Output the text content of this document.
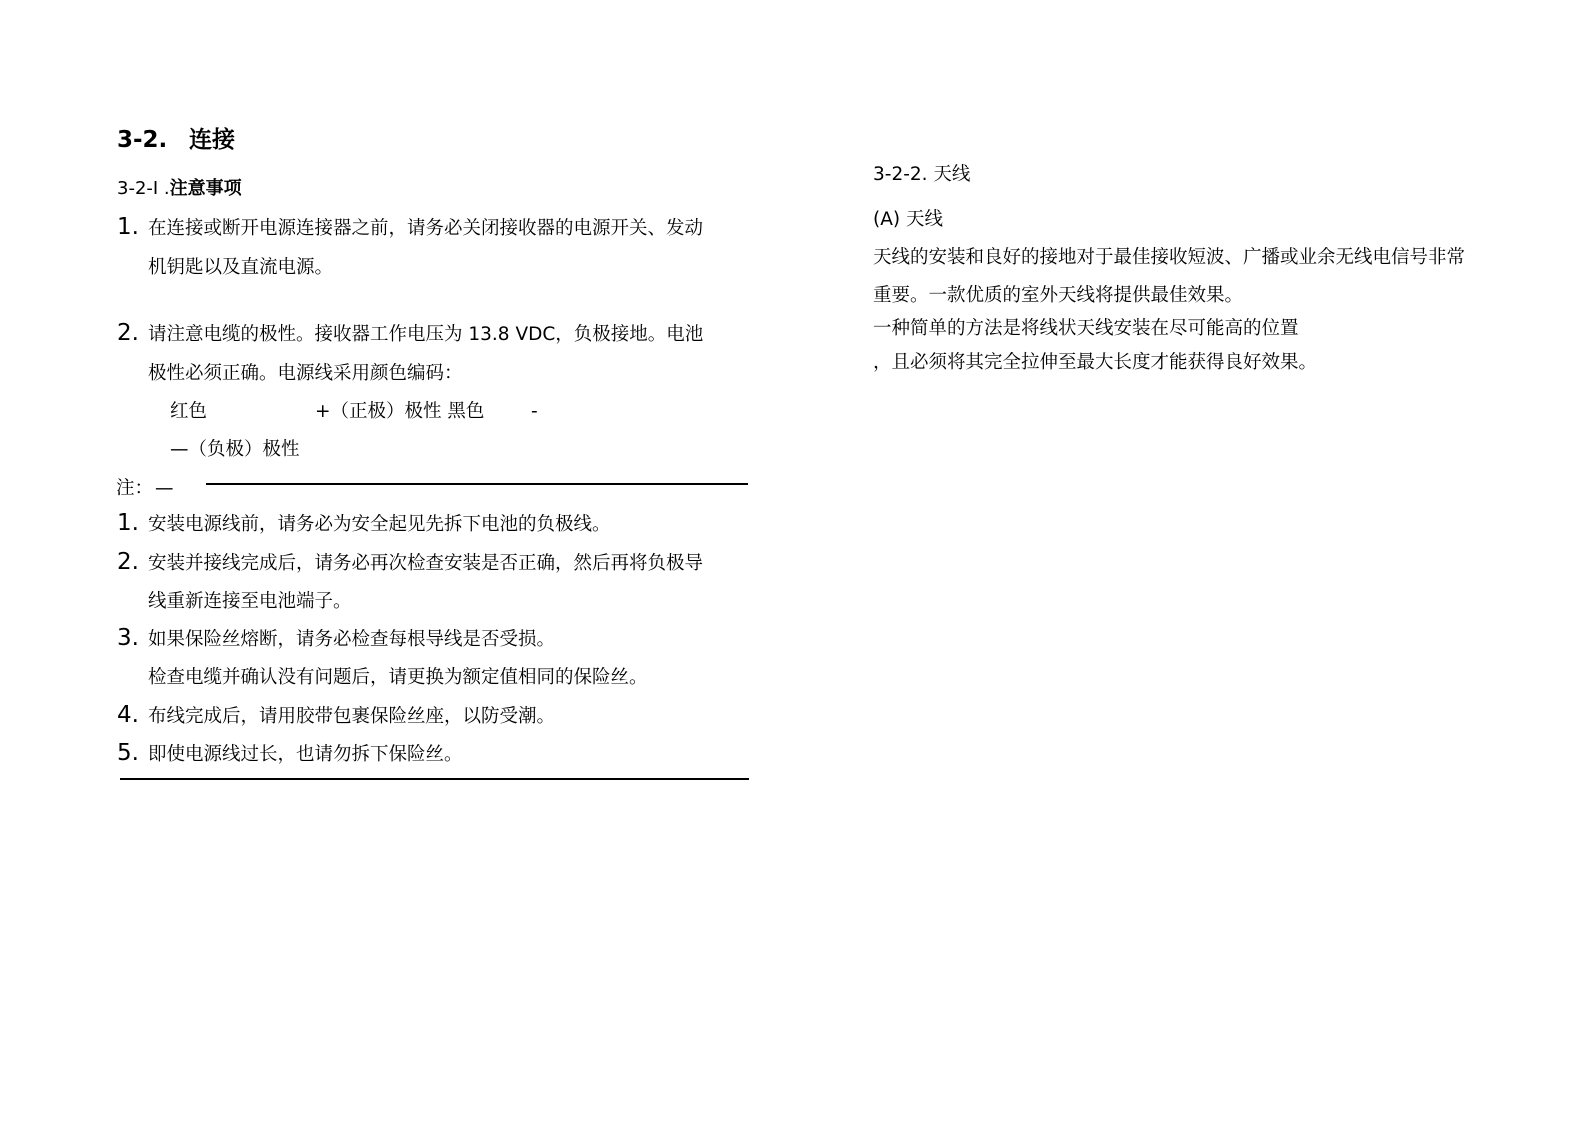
3-2. 连接
3-2-I .注意事项
1. 在连接或断开电源连接器之前，请务必关闭接收器的电源开关、发动
机钥匙以及直流电源。
2. 请注意电缆的极性。接收器工作电压为 13.8 VDC，负极接地。电池
极性必须正确。电源线采用颜色编码：
红色	+（正极）极性 黑色	-
—（负极）极性
注： —
1. 安装电源线前，请务必为安全起见先拆下电池的负极线。
2. 安装并接线完成后，请务必再次检查安装是否正确，然后再将负极导
线重新连接至电池端子。
3. 如果保险丝熔断，请务必检查每根导线是否受损。
检查电缆并确认没有问题后，请更换为额定值相同的保险丝。
4. 布线完成后，请用胶带包裹保险丝座，以防受潮。
5. 即使电源线过长，也请勿拆下保险丝。
3-2-2. 天线
(A) 天线
天线的安装和良好的接地对于最佳接收短波、广播或业余无线电信号非常
重要。一款优质的室外天线将提供最佳效果。
一种简单的方法是将线状天线安装在尽可能高的位置
，且必须将其完全拉伸至最大长度才能获得良好效果。
